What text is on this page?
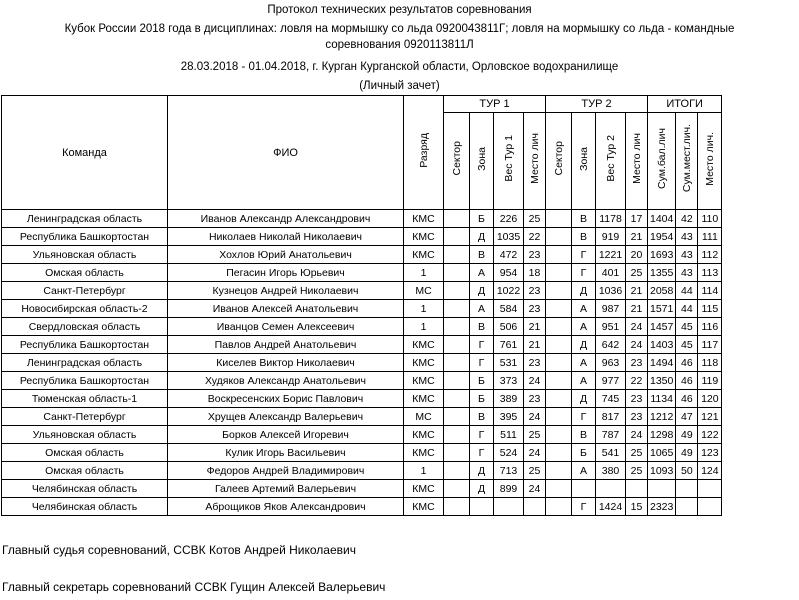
Протокол технических результатов соревнования
Кубок России 2018 года в дисциплинах: ловля на мормышку со льда 0920043811Г; ловля на мормышку со льда - командные
соревнования 0920113811Л
28.03.2018 - 01.04.2018, г. Курган Курганской области, Орловское водохранилище
(Личный зачет)
Команда	ФИО	Разряд	ТУР 1				ТУР 2				ИТОГИ		
			Сектор	Зона	Вес Тур 1	Место лич	Сектор	Зона	Вес Тур 2	Место лич	Сум.бал.лич	Сум.мест.лич.	Место лич.
Ленинградская область	Иванов Александр Александрович	КМС		Б	226	25		В	1178	17	1404	42	110
Республика Башкортостан	Николаев Николай Николаевич	КМС		Д	1035	22		В	919	21	1954	43	111
Ульяновская область	Хохлов Юрий Анатольевич	КМС		В	472	23		Г	1221	20	1693	43	112
Омская область	Пегасин Игорь Юрьевич	1		А	954	18		Г	401	25	1355	43	113
Санкт-Петербург	Кузнецов Андрей Николаевич	МС		Д	1022	23		Д	1036	21	2058	44	114
Новосибирская область-2	Иванов Алексей Анатольевич	1		А	584	23		А	987	21	1571	44	115
Свердловская область	Иванцов Семен Алексеевич	1		В	506	21		А	951	24	1457	45	116
Республика Башкортостан	Павлов Андрей Анатольевич	КМС		Г	761	21		Д	642	24	1403	45	117
Ленинградская область	Киселев Виктор Николаевич	КМС		Г	531	23		А	963	23	1494	46	118
Республика Башкортостан	Худяков Александр Анатольевич	КМС		Б	373	24		А	977	22	1350	46	119
Тюменская область-1	Воскресенских Борис Павлович	КМС		Б	389	23		Д	745	23	1134	46	120
Санкт-Петербург	Хрущев Александр Валерьевич	МС		В	395	24		Г	817	23	1212	47	121
Ульяновская область	Борков Алексей Игоревич	КМС		Г	511	25		В	787	24	1298	49	122
Омская область	Кулик Игорь Васильевич	КМС		Г	524	24		Б	541	25	1065	49	123
Омская область	Федоров Андрей Владимирович	1		Д	713	25		А	380	25	1093	50	124
Челябинская область	Галеев Артемий Валерьевич	КМС		Д	899	24							
Челябинская область	Аброщиков Яков Александрович	КМС						Г	1424	15	2323		
Главный судья соревнований, ССВК Котов Андрей Николаевич
Главный секретарь соревнований ССВК Гущин Алексей Валерьевич
